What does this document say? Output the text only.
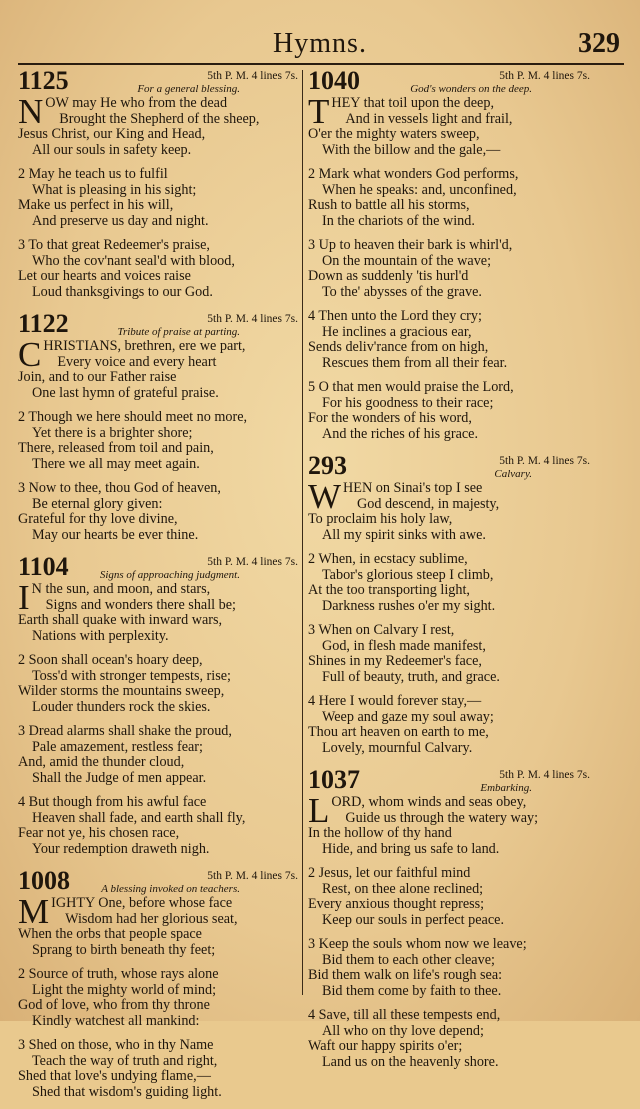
Hymns.	329
1125	5th P. M. 4 lines 7s.
For a general blessing.
N OW may He who from the dead
Brought the Shepherd of the sheep,
Jesus Christ, our King and Head,
All our souls in safety keep.
2 May he teach us to fulfil
What is pleasing in his sight;
Make us perfect in his will,
And preserve us day and night.
3 To that great Redeemer's praise,
Who the cov'nant seal'd with blood,
Let our hearts and voices raise
Loud thanksgivings to our God.
1122	5th P. M. 4 lines 7s.
Tribute of praise at parting.
C HRISTIANS, brethren, ere we part,
Every voice and every heart
Join, and to our Father raise
One last hymn of grateful praise.
2 Though we here should meet no more,
Yet there is a brighter shore;
There, released from toil and pain,
There we all may meet again.
3 Now to thee, thou God of heaven,
Be eternal glory given:
Grateful for thy love divine,
May our hearts be ever thine.
1104	5th P. M. 4 lines 7s.
Signs of approaching judgment.
I N the sun, and moon, and stars,
Signs and wonders there shall be;
Earth shall quake with inward wars,
Nations with perplexity.
2 Soon shall ocean's hoary deep,
Toss'd with stronger tempests, rise;
Wilder storms the mountains sweep,
Louder thunders rock the skies.
3 Dread alarms shall shake the proud,
Pale amazement, restless fear;
And, amid the thunder cloud,
Shall the Judge of men appear.
4 But though from his awful face
Heaven shall fade, and earth shall fly,
Fear not ye, his chosen race,
Your redemption draweth nigh.
1008	5th P. M. 4 lines 7s.
A blessing invoked on teachers.
M IGHTY One, before whose face
Wisdom had her glorious seat,
When the orbs that people space
Sprang to birth beneath thy feet;
2 Source of truth, whose rays alone
Light the mighty world of mind;
God of love, who from thy throne
Kindly watchest all mankind:
3 Shed on those, who in thy Name
Teach the way of truth and right,
Shed that love's undying flame,—
Shed that wisdom's guiding light.
1040	5th P. M. 4 lines 7s.
God's wonders on the deep.
T HEY that toil upon the deep,
And in vessels light and frail,
O'er the mighty waters sweep,
With the billow and the gale,—
2 Mark what wonders God performs,
When he speaks: and, unconfined,
Rush to battle all his storms,
In the chariots of the wind.
3 Up to heaven their bark is whirl'd,
On the mountain of the wave;
Down as suddenly 'tis hurl'd
To the' abysses of the grave.
4 Then unto the Lord they cry;
He inclines a gracious ear,
Sends deliv'rance from on high,
Rescues them from all their fear.
5 O that men would praise the Lord,
For his goodness to their race;
For the wonders of his word,
And the riches of his grace.
293	5th P. M. 4 lines 7s.
Calvary.
W HEN on Sinai's top I see
God descend, in majesty,
To proclaim his holy law,
All my spirit sinks with awe.
2 When, in ecstacy sublime,
Tabor's glorious steep I climb,
At the too transporting light,
Darkness rushes o'er my sight.
3 When on Calvary I rest,
God, in flesh made manifest,
Shines in my Redeemer's face,
Full of beauty, truth, and grace.
4 Here I would forever stay,—
Weep and gaze my soul away;
Thou art heaven on earth to me,
Lovely, mournful Calvary.
1037	5th P. M. 4 lines 7s.
Embarking.
L ORD, whom winds and seas obey,
Guide us through the watery way;
In the hollow of thy hand
Hide, and bring us safe to land.
2 Jesus, let our faithful mind
Rest, on thee alone reclined;
Every anxious thought repress;
Keep our souls in perfect peace.
3 Keep the souls whom now we leave;
Bid them to each other cleave;
Bid them walk on life's rough sea:
Bid them come by faith to thee.
4 Save, till all these tempests end,
All who on thy love depend;
Waft our happy spirits o'er;
Land us on the heavenly shore.
